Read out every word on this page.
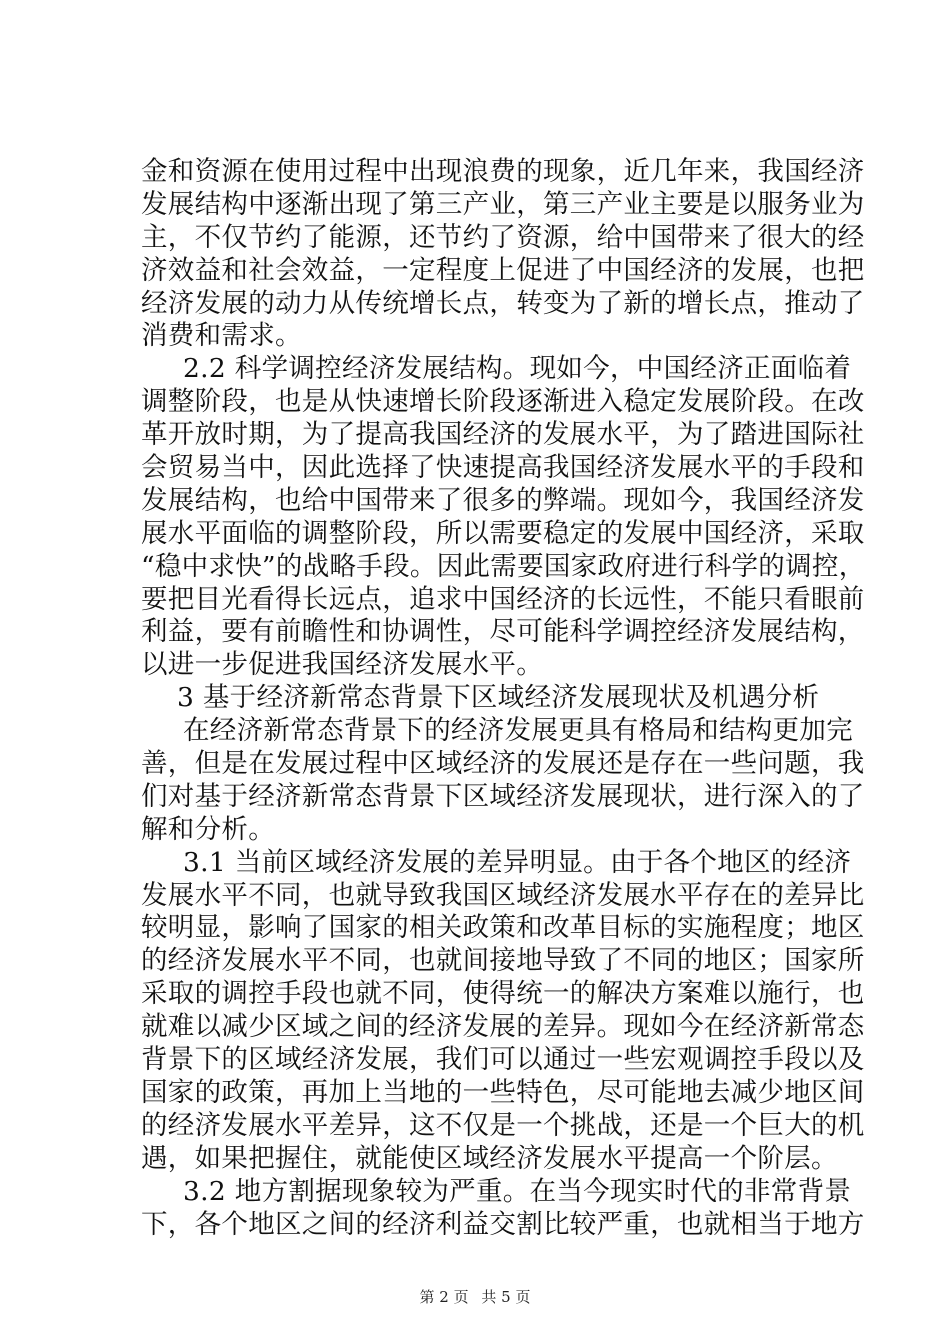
金和资源在使用过程中出现浪费的现象，近几年来，我国经济
发展结构中逐渐出现了第三产业，第三产业主要是以服务业为
主，不仅节约了能源，还节约了资源，给中国带来了很大的经
济效益和社会效益，一定程度上促进了中国经济的发展，也把
经济发展的动力从传统增长点，转变为了新的增长点，推动了
消费和需求。
2.2 科学调控经济发展结构。现如今，中国经济正面临着
调整阶段，也是从快速增长阶段逐渐进入稳定发展阶段。在改
革开放时期，为了提高我国经济的发展水平，为了踏进国际社
会贸易当中，因此选择了快速提高我国经济发展水平的手段和
发展结构，也给中国带来了很多的弊端。现如今，我国经济发
展水平面临的调整阶段，所以需要稳定的发展中国经济，采取
“稳中求快”的战略手段。因此需要国家政府进行科学的调控，
要把目光看得长远点，追求中国经济的长远性，不能只看眼前
利益，要有前瞻性和协调性，尽可能科学调控经济发展结构，
以进一步促进我国经济发展水平。
3 基于经济新常态背景下区域经济发展现状及机遇分析
在经济新常态背景下的经济发展更具有格局和结构更加完
善，但是在发展过程中区域经济的发展还是存在一些问题，我
们对基于经济新常态背景下区域经济发展现状，进行深入的了
解和分析。
3.1 当前区域经济发展的差异明显。由于各个地区的经济
发展水平不同，也就导致我国区域经济发展水平存在的差异比
较明显，影响了国家的相关政策和改革目标的实施程度；地区
的经济发展水平不同，也就间接地导致了不同的地区；国家所
采取的调控手段也就不同，使得统一的解决方案难以施行，也
就难以减少区域之间的经济发展的差异。现如今在经济新常态
背景下的区域经济发展，我们可以通过一些宏观调控手段以及
国家的政策，再加上当地的一些特色，尽可能地去减少地区间
的经济发展水平差异，这不仅是一个挑战，还是一个巨大的机
遇，如果把握住，就能使区域经济发展水平提高一个阶层。
3.2 地方割据现象较为严重。在当今现实时代的非常背景
下，各个地区之间的经济利益交割比较严重，也就相当于地方
第 2 页 共 5 页
